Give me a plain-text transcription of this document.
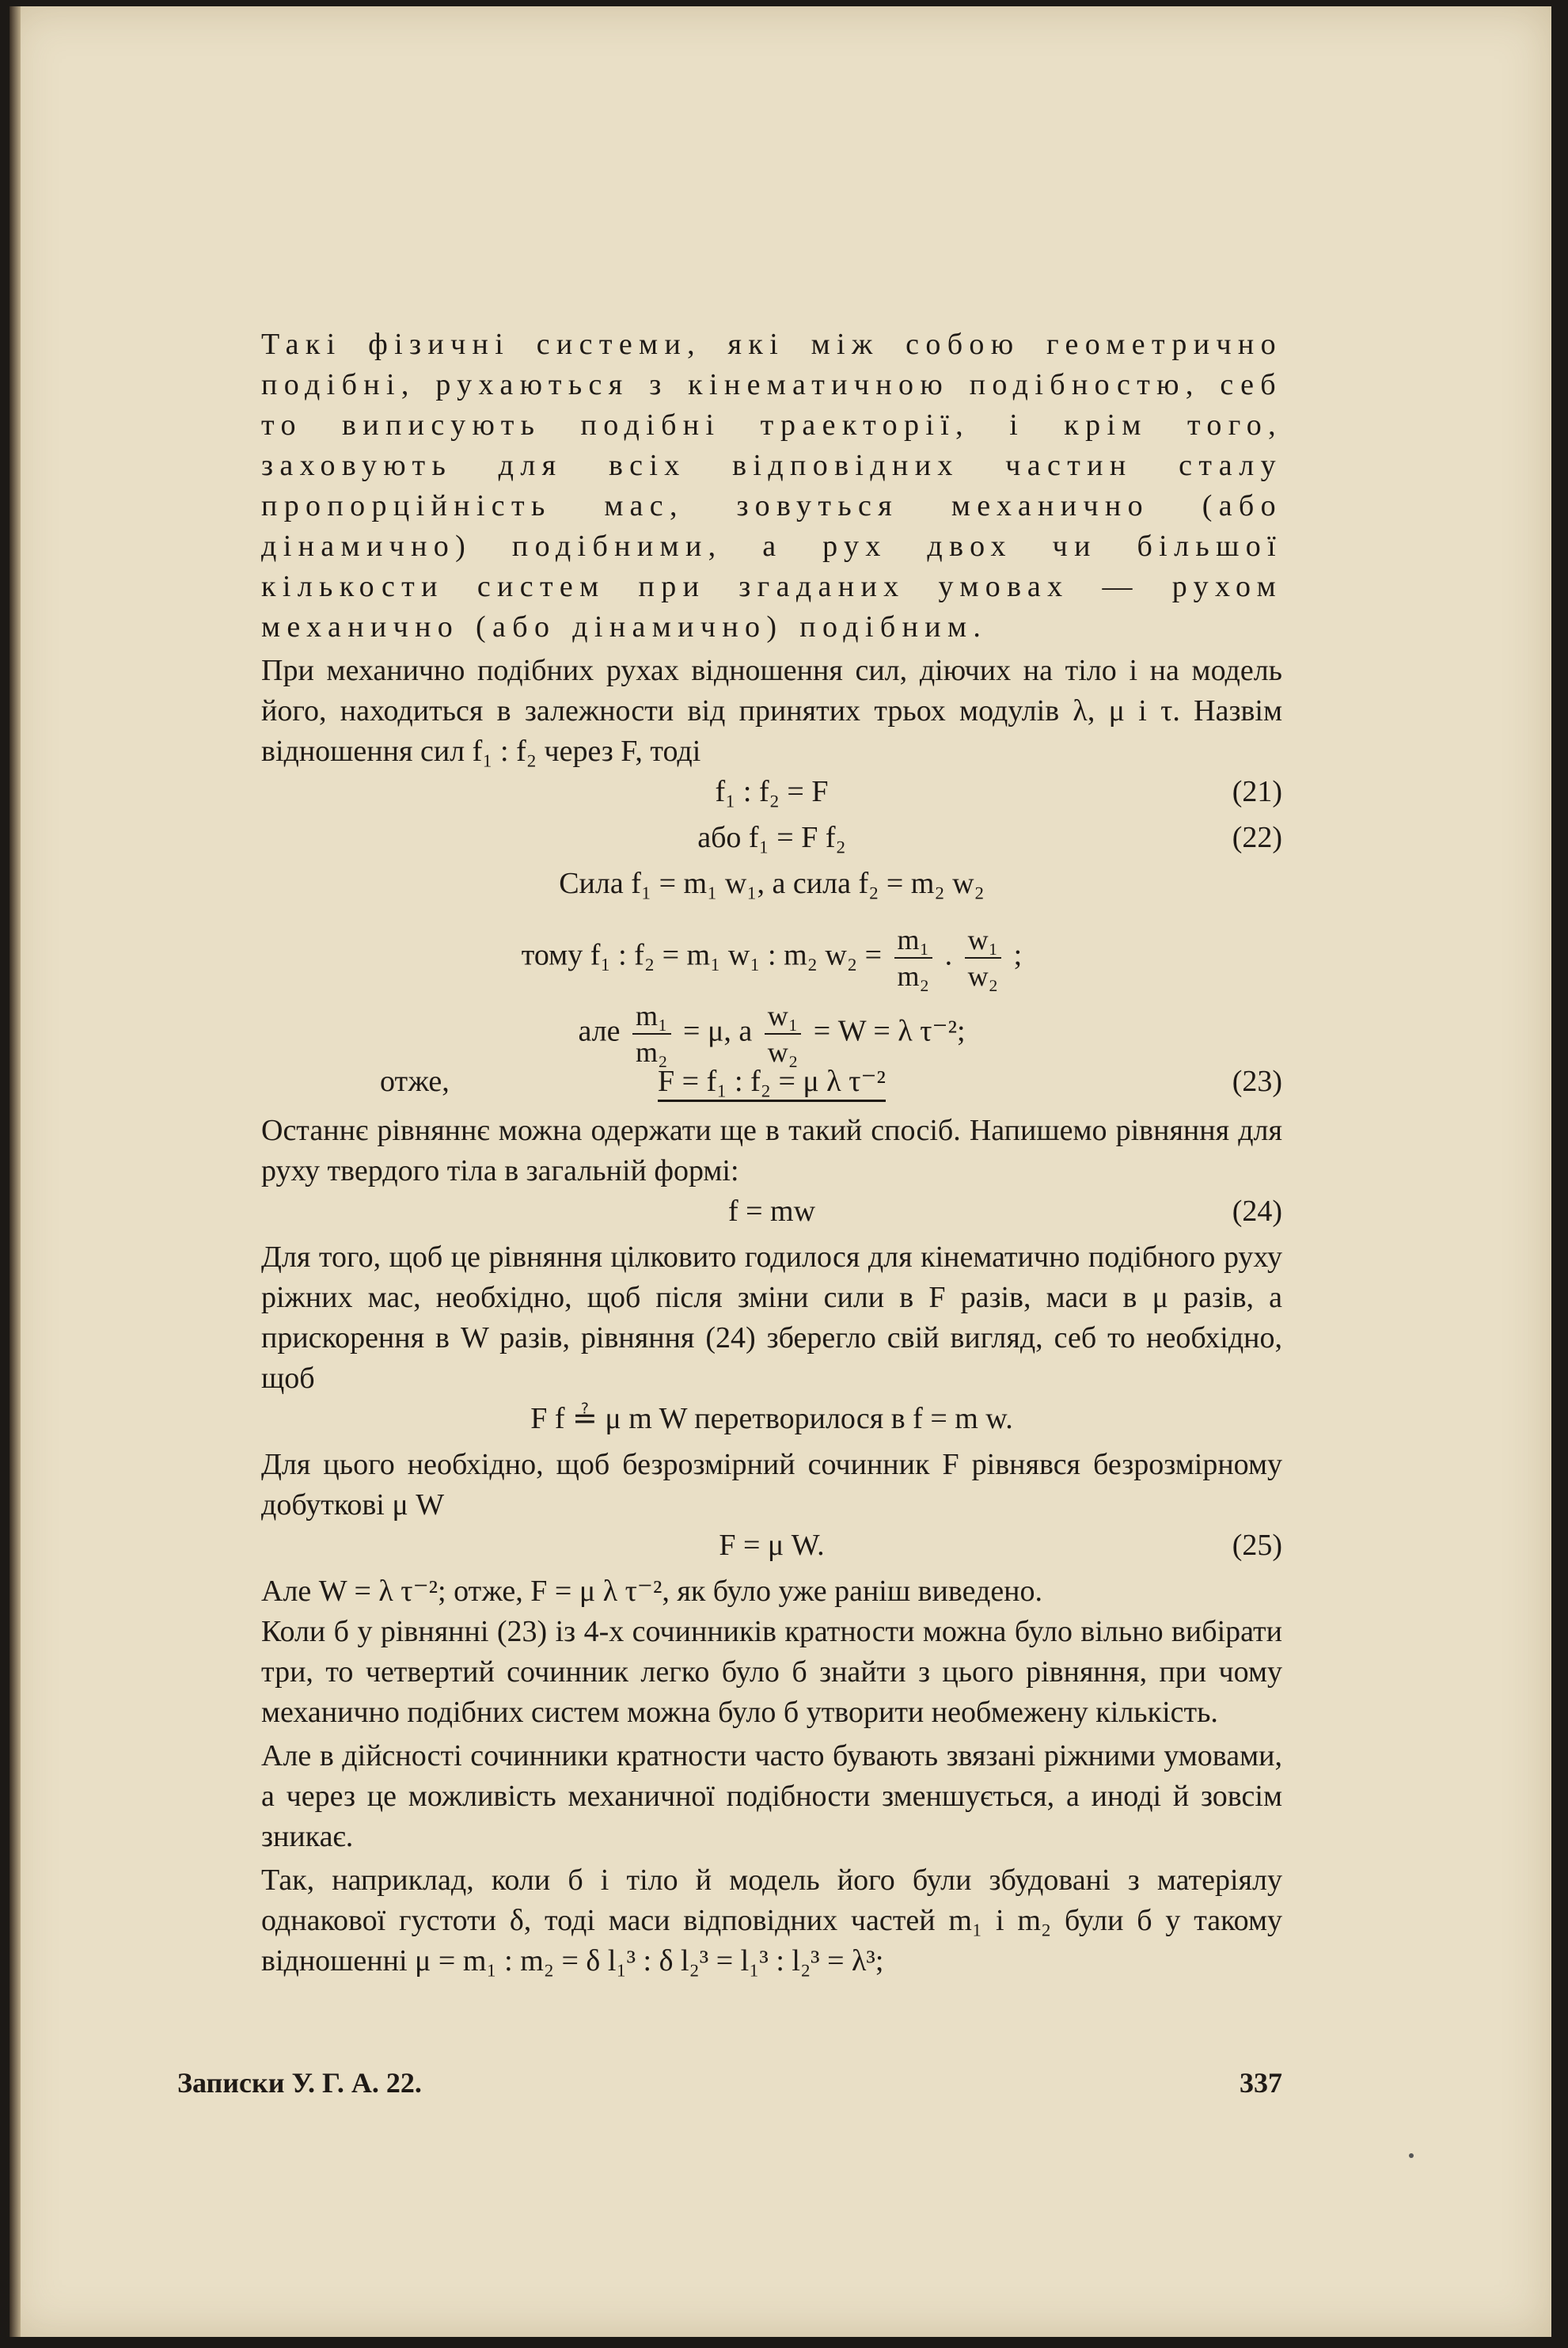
Такі фізичні системи, які між собою геометрично подібні, рухаються з кінематичною подібностю, себ то виписують подібні траекторії, і крім того, заховують для всіх відповідних частин сталу пропорційність мас, зовуться механично (або дінамично) подібними, а рух двох чи більшої кількости систем при згаданих умовах — рухом механично (або дінамично) подібним.

При механично подібних рухах відношення сил, діючих на тіло і на модель його, находиться в залежности від принятих трьох модулів λ, μ і τ. Назвім відношення сил f₁ : f₂ через F, тоді

f₁ : f₂ = F	(21)
або f₁ = F f₂	(22)
Сила f₁ = m₁ w₁, а сила f₂ = m₂ w₂
тому f₁ : f₂ = m₁ w₁ : m₂ $w_2 = \frac{\text{m₁}}{\text{m₂}}$ . $\frac{\text{w₁}}{\text{w₂}}$ ;
але $\frac{\text{m₁}}{\text{m₂}} = \mu$, а $\frac{\text{w₁}}{\text{w₂}} = W = \lambda$ τ⁻²;
отже,	F = f₁ : f₂ = μ λ τ⁻²	(23)

Останнє рівняннє можна одержати ще в такий спосіб. Напишемо рівняння для руху твердого тіла в загальній формі:

f = mw	(24)

Для того, щоб це рівняння цілковито годилося для кінематично подібного руху ріжних мас, необхідно, щоб після зміни сили в F разів, маси в μ разів, а прискорення в W разів, рівняння (24) зберегло свій вигляд, себ то необхідно, щоб

F f ≟ μ m W перетворилося в f = m w.

Для цього необхідно, щоб безрозмірний сочинник F рівнявся безрозмірному добуткові μ W

F = μ W.	(25)

Але W = λ τ⁻²; отже, F = μ λ τ⁻², як було уже раніш виведено.

Коли б у рівнянні (23) із 4-х сочинників кратности можна було вільно вибірати три, то четвертий сочинник легко було б знайти з цього рівняння, при чому механично подібних систем можна було б утворити необмежену кількість.

Але в дійсності сочинники кратности часто бувають звязані ріжними умовами, а через це можливість механичної подібности зменшується, а иноді й зовсім зникає.

Так, наприклад, коли б і тіло й модель його були збудовані з матеріялу однакової густоти δ, тоді маси відповідних частей m₁ і m₂ були б у такому відношенні μ = m₁ : m₂ = δ l₁³ : δ l₂³ = l₁³ : l₂³ = λ³;

Записки У. Г. А. 22.	337
